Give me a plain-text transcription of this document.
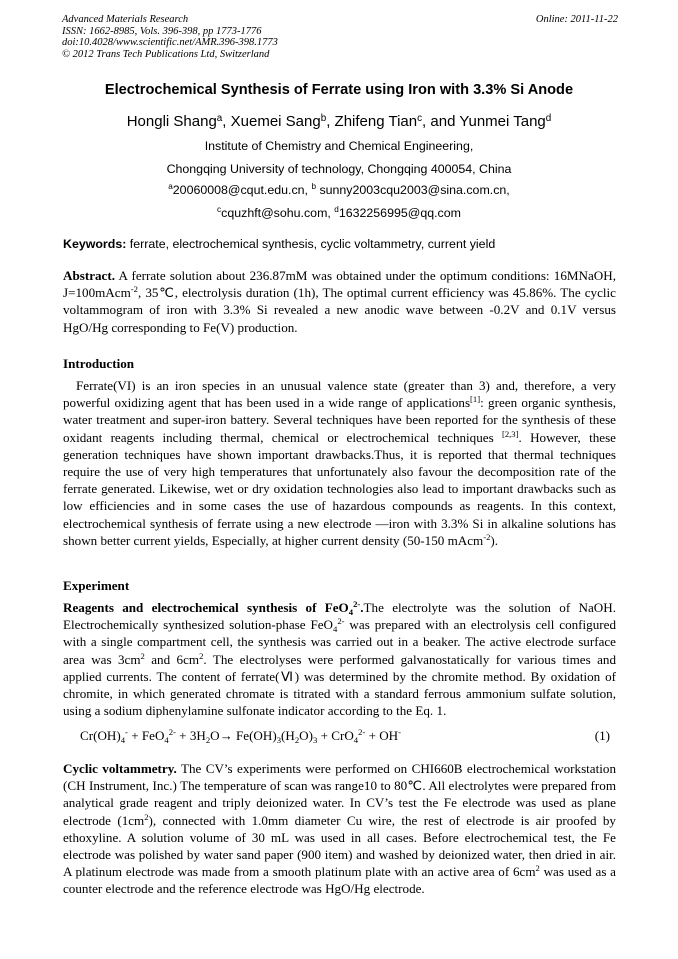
Advanced Materials Research
ISSN: 1662-8985, Vols. 396-398, pp 1773-1776
doi:10.4028/www.scientific.net/AMR.396-398.1773
© 2012 Trans Tech Publications Ltd, Switzerland
Online: 2011-11-22
Electrochemical Synthesis of Ferrate using Iron with 3.3% Si Anode
Hongli Shang$^a$, Xuemei Sang$^b$, Zhifeng Tian$^c$, and Yunmei Tang$^d$
Institute of Chemistry and Chemical Engineering,
Chongqing University of technology, Chongqing 400054, China
$^a$20060008@cqut.edu.cn, $^b$ sunny2003cqu2003@sina.com.cn,
$^c$cquzhft@sohu.com, $^d$1632256995@qq.com
Keywords: ferrate, electrochemical synthesis, cyclic voltammetry, current yield
Abstract. A ferrate solution about 236.87mM was obtained under the optimum conditions: 16MNaOH, J=100mAcm$^{-2}$, 35℃, electrolysis duration (1h), The optimal current efficiency was 45.86%. The cyclic voltammogram of iron with 3.3% Si revealed a new anodic wave between -0.2V and 0.1V versus HgO/Hg corresponding to Fe(V) production.
Introduction
Ferrate(VI) is an iron species in an unusual valence state (greater than 3) and, therefore, a very powerful oxidizing agent that has been used in a wide range of applications[1]: green organic synthesis, water treatment and super-iron battery. Several techniques have been reported for the synthesis of these oxidant reagents including thermal, chemical or electrochemical techniques [2,3]. However, these generation techniques have shown important drawbacks.Thus, it is reported that thermal techniques require the use of very high temperatures that unfortunately also favour the decomposition rate of the ferrate generated. Likewise, wet or dry oxidation technologies also lead to important drawbacks such as low efficiencies and in some cases the use of hazardous compounds as reagents. In this context, electrochemical synthesis of ferrate using a new electrode —iron with 3.3% Si in alkaline solutions has shown better current yields, Especially, at higher current density (50-150 mAcm$^{-2}$).
Experiment
Reagents and electrochemical synthesis of FeO$_4^{2-}$.The electrolyte was the solution of NaOH. Electrochemically synthesized solution-phase FeO$_4^{2-}$ was prepared with an electrolysis cell configured with a single compartment cell, the synthesis was carried out in a beaker. The active electrode surface area was $3cm^2$ and $6cm^2$. The electrolyses were performed galvanostatically for various times and applied currents. The content of ferrate(Ⅵ) was determined by the chromite method. By oxidation of chromite, in which generated chromate is titrated with a standard ferrous ammonium sulfate solution, using a sodium diphenylamine sulfonate indicator according to the Eq. 1.
$Cr(OH)_4^- + FeO_4^{2-} + 3H_2O\to Fe(OH)_3(H_2O)_3 + CrO_4^{2-} + OH^-$	(1)
Cyclic voltammetry. The CV’s experiments were performed on CHI660B electrochemical workstation (CH Instrument, Inc.) The temperature of scan was range10 to 80℃. All electrolytes were prepared from analytical grade reagent and triply deionized water. In CV’s test the Fe electrode was used as plane electrode $(1cm^2)$, connected with 1.0mm diameter Cu wire, the rest of electrode is air proofed by ethoxyline. A solution volume of 30 mL was used in all cases. Before electrochemical test, the Fe electrode was polished by water sand paper (900 item) and washed by deionized water, then dried in air. A platinum electrode was made from a smooth platinum plate with an active area of $6cm^2$ was used as a counter electrode and the reference electrode was HgO/Hg electrode.
